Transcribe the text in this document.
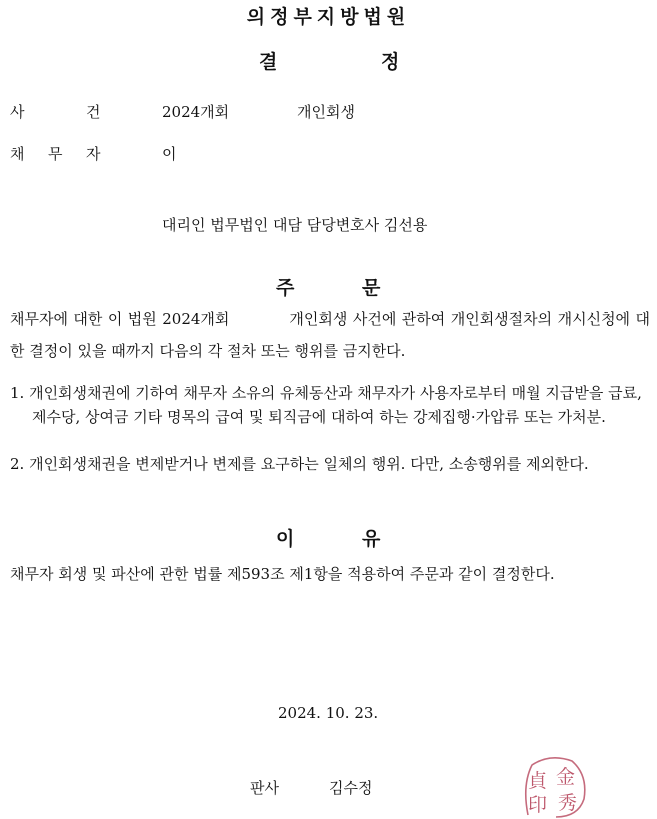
의정부지방법원
결	정
사	건	2024개회	개인회생
채 무 자	이
대리인 법무법인 대담 담당변호사 김선용
주	문
채무자에 대한 이 법원 2024개회           개인회생 사건에 관하여 개인회생절차의 개시신청에 대한 결정이 있을 때까지 다음의 각 절차 또는 행위를 금지한다.
1. 개인회생채권에 기하여 채무자 소유의 유체동산과 채무자가 사용자로부터 매월 지급받을 급료, 제수당, 상여금 기타 명목의 급여 및 퇴직금에 대하여 하는 강제집행·가압류 또는 가처분.
2. 개인회생채권을 변제받거나 변제를 요구하는 일체의 행위. 다만, 소송행위를 제외한다.
이	유
채무자 회생 및 파산에 관한 법률 제593조 제1항을 적용하여 주문과 같이 결정한다.
2024. 10. 23.
판사	김수정	金
秀
貞
印
